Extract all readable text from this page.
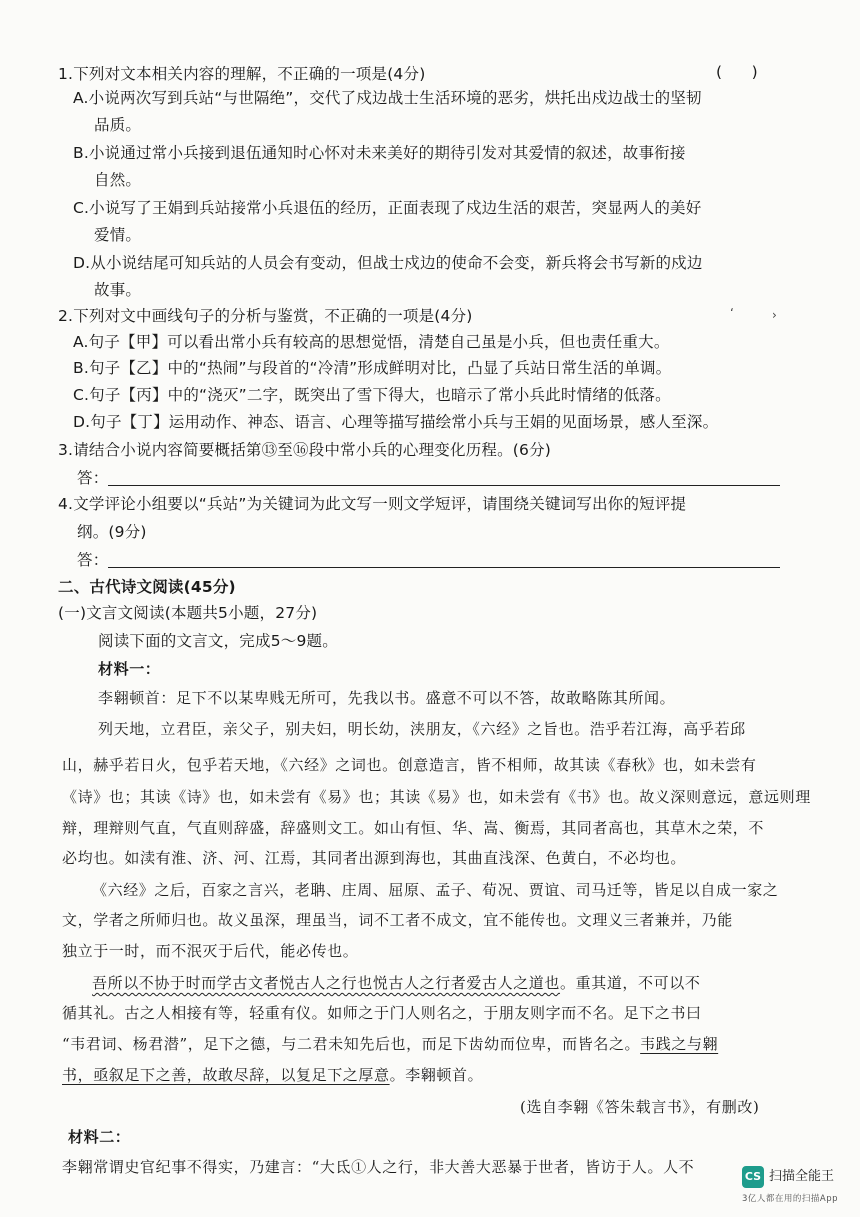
1.下列对文本相关内容的理解，不正确的一项是(4分)	(      )
A.小说两次写到兵站“与世隔绝”，交代了戍边战士生活环境的恶劣，烘托出戍边战士的坚韧
品质。
B.小说通过常小兵接到退伍通知时心怀对未来美好的期待引发对其爱情的叙述，故事衔接
自然。
C.小说写了王娟到兵站接常小兵退伍的经历，正面表现了戍边生活的艰苦，突显两人的美好
爱情。
D.从小说结尾可知兵站的人员会有变动，但战士戍边的使命不会变，新兵将会书写新的戍边
故事。
2.下列对文中画线句子的分析与鉴赏，不正确的一项是(4分)	ʻ	›
A.句子【甲】可以看出常小兵有较高的思想觉悟，清楚自己虽是小兵，但也责任重大。
B.句子【乙】中的“热闹”与段首的“冷清”形成鲜明对比，凸显了兵站日常生活的单调。
C.句子【丙】中的“浇灭”二字，既突出了雪下得大，也暗示了常小兵此时情绪的低落。
D.句子【丁】运用动作、神态、语言、心理等描写描绘常小兵与王娟的见面场景，感人至深。
3.请结合小说内容简要概括第⑬至⑯段中常小兵的心理变化历程。(6分)
答：
4.文学评论小组要以“兵站”为关键词为此文写一则文学短评，请围绕关键词写出你的短评提
纲。(9分)
答：
二、古代诗文阅读(45分)
(一)文言文阅读(本题共5小题，27分)
阅读下面的文言文，完成5～9题。
材料一：
李翱顿首：足下不以某卑贱无所可，先我以书。盛意不可以不答，故敢略陈其所闻。
列天地，立君臣，亲父子，别夫妇，明长幼，浃朋友，《六经》之旨也。浩乎若江海，高乎若邱
山，赫乎若日火，包乎若天地，《六经》之词也。创意造言，皆不相师，故其读《春秋》也，如未尝有
《诗》也；其读《诗》也，如未尝有《易》也；其读《易》也，如未尝有《书》也。故义深则意远，意远则理
辩，理辩则气直，气直则辞盛，辞盛则文工。如山有恒、华、嵩、衡焉，其同者高也，其草木之荣，不
必均也。如渎有淮、济、河、江焉，其同者出源到海也，其曲直浅深、色黄白，不必均也。
《六经》之后，百家之言兴，老聃、庄周、屈原、孟子、荀况、贾谊、司马迁等，皆足以自成一家之
文，学者之所师归也。故义虽深，理虽当，词不工者不成文，宜不能传也。文理义三者兼并，乃能
独立于一时，而不泯灭于后代，能必传也。
吾所以不协于时而学古文者悦古人之行也悦古人之行者爱古人之道也。重其道，不可以不
循其礼。古之人相接有等，轻重有仪。如师之于门人则名之，于朋友则字而不名。足下之书曰
“韦君词、杨君潜”，足下之德，与二君未知先后也，而足下齿幼而位卑，而皆名之。韦践之与翱
书，亟叙足下之善，故敢尽辞，以复足下之厚意。李翱顿首。
(选自李翱《答朱载言书》，有删改)
材料二：
李翱常谓史官纪事不得实，乃建言：“大氐①人之行，非大善大恶暴于世者，皆访于人。人不
CS 扫描全能王
3亿人都在用的扫描App
